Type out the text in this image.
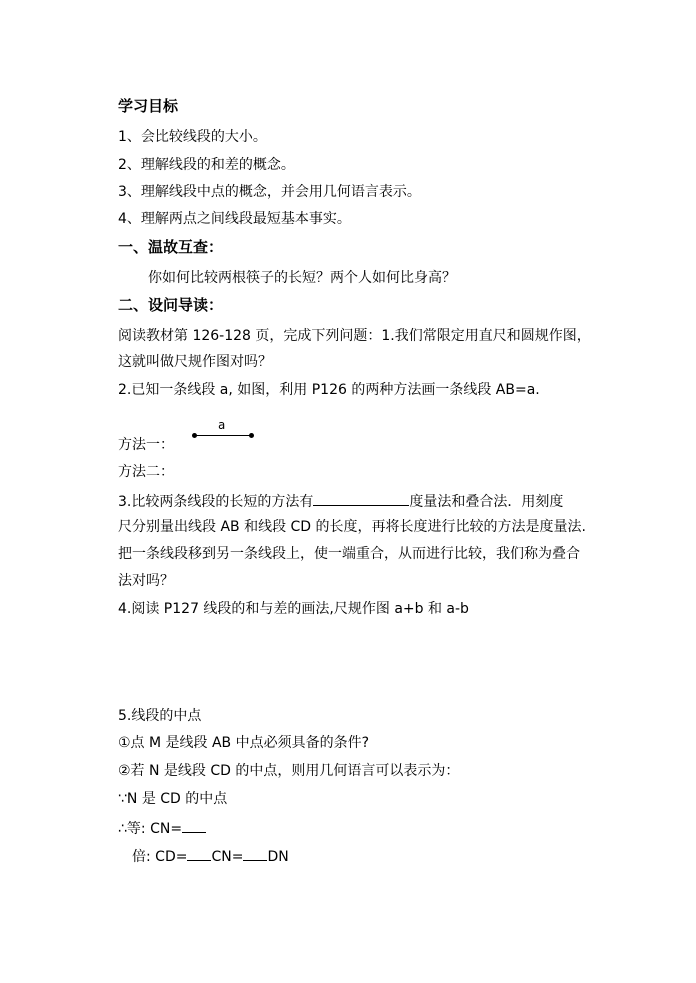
学习目标
1、会比较线段的大小。
2、理解线段的和差的概念。
3、理解线段中点的概念，并会用几何语言表示。
4、理解两点之间线段最短基本事实。
一、温故互查：
你如何比较两根筷子的长短？两个人如何比身高？
二、设问导读：
阅读教材第 126-128 页，完成下列问题：1.我们常限定用直尺和圆规作图，
这就叫做尺规作图对吗？
2.已知一条线段 a, 如图，利用 P126 的两种方法画一条线段 AB=a.
a
方法一：
方法二：
3.比较两条线段的长短的方法有	度量法和叠合法．用刻度
尺分别量出线段 AB 和线段 CD 的长度，再将长度进行比较的方法是度量法.
把一条线段移到另一条线段上，使一端重合，从而进行比较，我们称为叠合
法对吗？
4.阅读 P127 线段的和与差的画法,尺规作图 a+b 和 a-b
5.线段的中点
①点 M 是线段 AB 中点必须具备的条件?
②若 N 是线段 CD 的中点，则用几何语言可以表示为：
∵N 是 CD 的中点
∴等: CN=
倍: CD= CN= DN
